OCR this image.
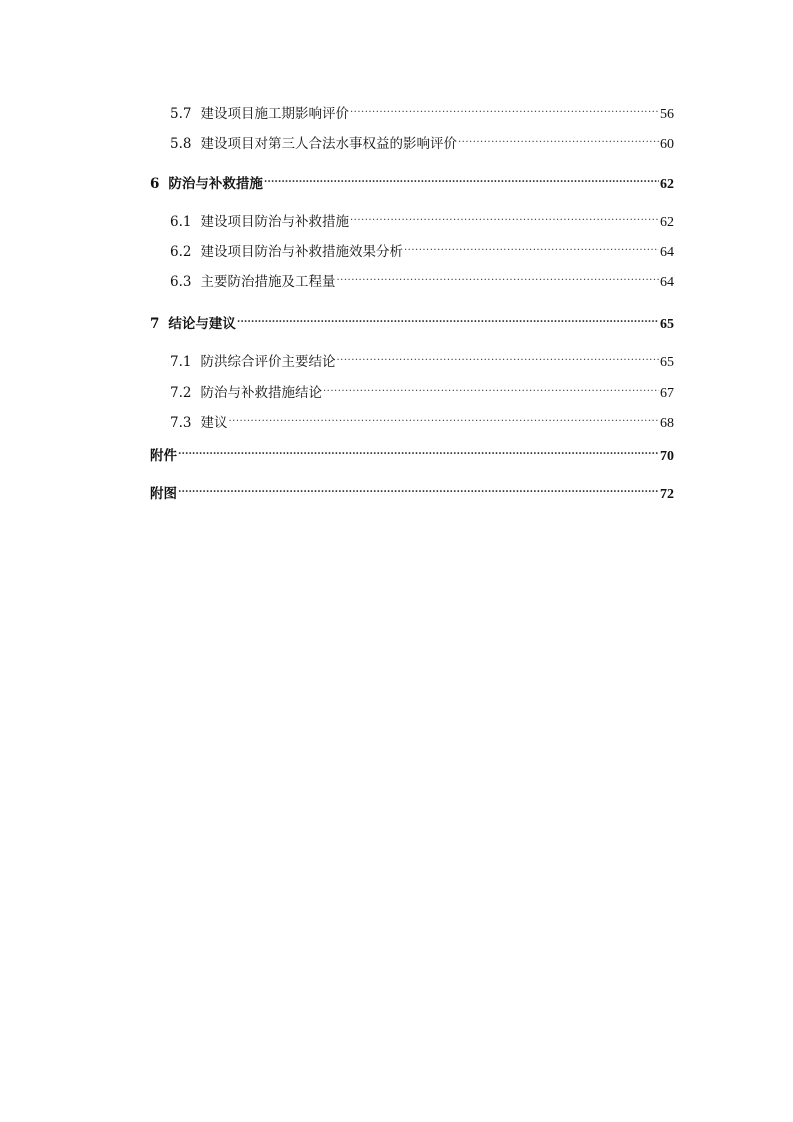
5.7 建设项目施工期影响评价 .....	56
5.8 建设项目对第三人合法水事权益的影响评价 .....	60
6 防治与补救措施 .....	62
6.1 建设项目防治与补救措施 .....	62
6.2 建设项目防治与补救措施效果分析 .....	64
6.3 主要防治措施及工程量 .....	64
7 结论与建议 .....	65
7.1 防洪综合评价主要结论 .....	65
7.2 防治与补救措施结论 .....	67
7.3 建议 .....	68
附件 .....	70
附图 .....	72
